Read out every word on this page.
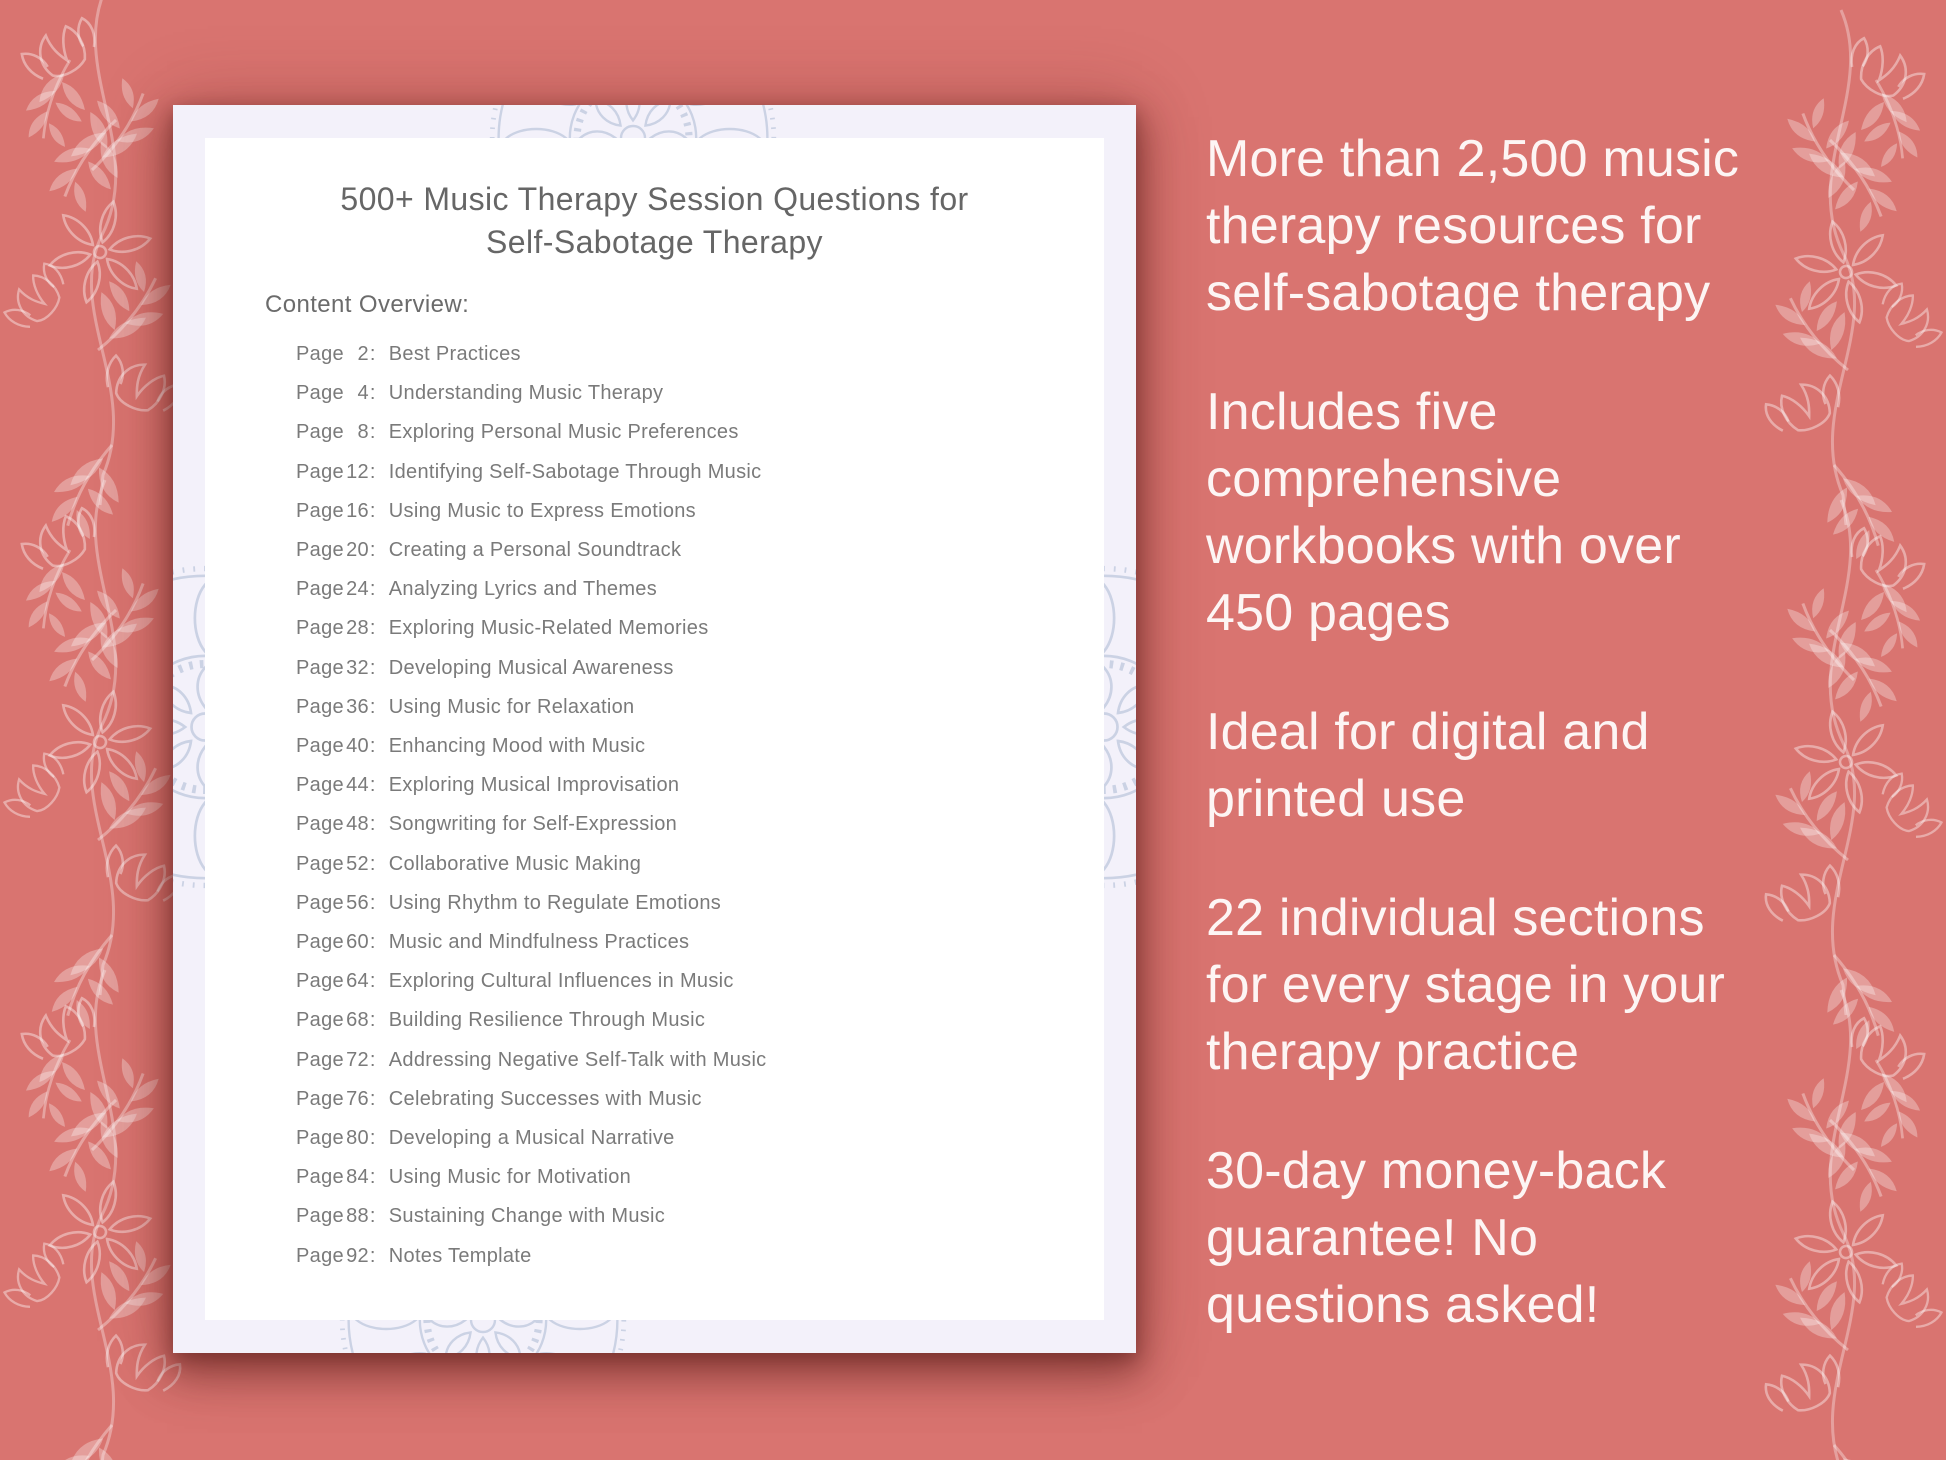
500+ Music Therapy Session Questions for
Self-Sabotage Therapy
Content Overview:
Page 2: Best Practices
Page 4: Understanding Music Therapy
Page 8: Exploring Personal Music Preferences
Page 12: Identifying Self-Sabotage Through Music
Page 16: Using Music to Express Emotions
Page 20: Creating a Personal Soundtrack
Page 24: Analyzing Lyrics and Themes
Page 28: Exploring Music-Related Memories
Page 32: Developing Musical Awareness
Page 36: Using Music for Relaxation
Page 40: Enhancing Mood with Music
Page 44: Exploring Musical Improvisation
Page 48: Songwriting for Self-Expression
Page 52: Collaborative Music Making
Page 56: Using Rhythm to Regulate Emotions
Page 60: Music and Mindfulness Practices
Page 64: Exploring Cultural Influences in Music
Page 68: Building Resilience Through Music
Page 72: Addressing Negative Self-Talk with Music
Page 76: Celebrating Successes with Music
Page 80: Developing a Musical Narrative
Page 84: Using Music for Motivation
Page 88: Sustaining Change with Music
Page 92: Notes Template

More than 2,500 music therapy resources for self-sabotage therapy

Includes five comprehensive workbooks with over 450 pages

Ideal for digital and printed use

22 individual sections for every stage in your therapy practice

30-day money-back guarantee! No questions asked!
